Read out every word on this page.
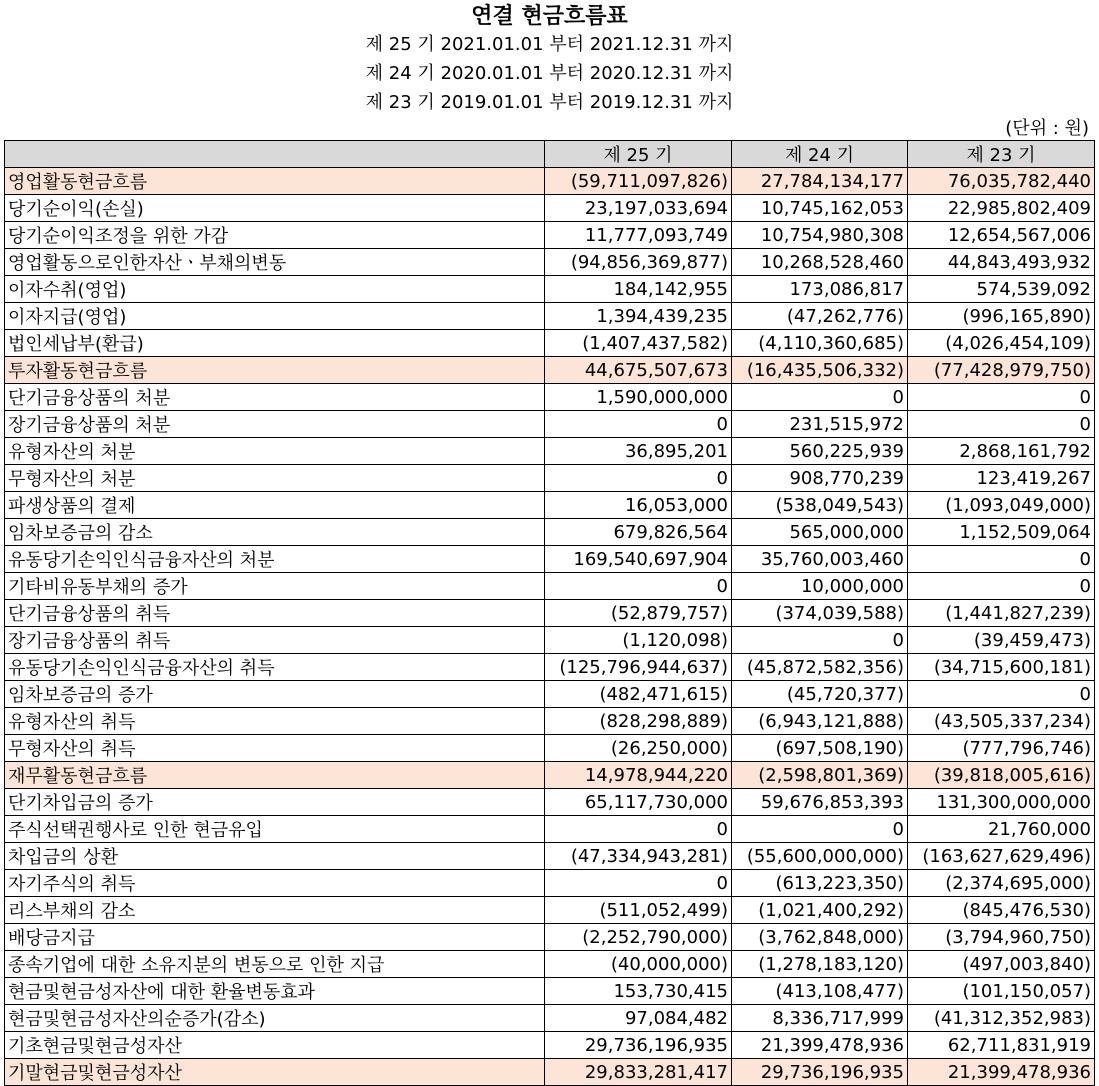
연결 현금흐름표
제 25 기 2021.01.01 부터 2021.12.31 까지
제 24 기 2020.01.01 부터 2020.12.31 까지
제 23 기 2019.01.01 부터 2019.12.31 까지
(단위 : 원)
	제 25 기	제 24 기	제 23 기
영업활동현금흐름	(59,711,097,826)	27,784,134,177	76,035,782,440
당기순이익(손실)	23,197,033,694	10,745,162,053	22,985,802,409
당기순이익조정을 위한 가감	11,777,093,749	10,754,980,308	12,654,567,006
영업활동으로인한자산ㆍ부채의변동	(94,856,369,877)	10,268,528,460	44,843,493,932
이자수취(영업)	184,142,955	173,086,817	574,539,092
이자지급(영업)	1,394,439,235	(47,262,776)	(996,165,890)
법인세납부(환급)	(1,407,437,582)	(4,110,360,685)	(4,026,454,109)
투자활동현금흐름	44,675,507,673	(16,435,506,332)	(77,428,979,750)
단기금융상품의 처분	1,590,000,000	0	0
장기금융상품의 처분	0	231,515,972	0
유형자산의 처분	36,895,201	560,225,939	2,868,161,792
무형자산의 처분	0	908,770,239	123,419,267
파생상품의 결제	16,053,000	(538,049,543)	(1,093,049,000)
임차보증금의 감소	679,826,564	565,000,000	1,152,509,064
유동당기손익인식금융자산의 처분	169,540,697,904	35,760,003,460	0
기타비유동부채의 증가	0	10,000,000	0
단기금융상품의 취득	(52,879,757)	(374,039,588)	(1,441,827,239)
장기금융상품의 취득	(1,120,098)	0	(39,459,473)
유동당기손익인식금융자산의 취득	(125,796,944,637)	(45,872,582,356)	(34,715,600,181)
임차보증금의 증가	(482,471,615)	(45,720,377)	0
유형자산의 취득	(828,298,889)	(6,943,121,888)	(43,505,337,234)
무형자산의 취득	(26,250,000)	(697,508,190)	(777,796,746)
재무활동현금흐름	14,978,944,220	(2,598,801,369)	(39,818,005,616)
단기차입금의 증가	65,117,730,000	59,676,853,393	131,300,000,000
주식선택권행사로 인한 현금유입	0	0	21,760,000
차입금의 상환	(47,334,943,281)	(55,600,000,000)	(163,627,629,496)
자기주식의 취득	0	(613,223,350)	(2,374,695,000)
리스부채의 감소	(511,052,499)	(1,021,400,292)	(845,476,530)
배당금지급	(2,252,790,000)	(3,762,848,000)	(3,794,960,750)
종속기업에 대한 소유지분의 변동으로 인한 지급	(40,000,000)	(1,278,183,120)	(497,003,840)
현금및현금성자산에 대한 환율변동효과	153,730,415	(413,108,477)	(101,150,057)
현금및현금성자산의순증가(감소)	97,084,482	8,336,717,999	(41,312,352,983)
기초현금및현금성자산	29,736,196,935	21,399,478,936	62,711,831,919
기말현금및현금성자산	29,833,281,417	29,736,196,935	21,399,478,936
